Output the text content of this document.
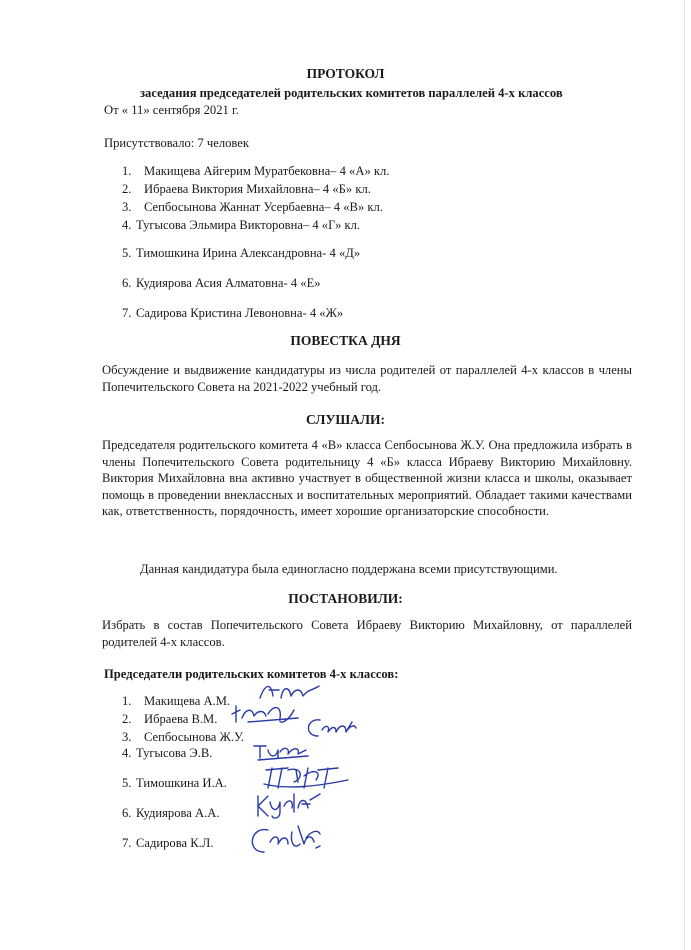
ПРОТОКОЛ
заседания председателей родительских комитетов параллелей 4-х классов
От « 11» сентября 2021 г.
Присутствовало: 7 человек
1. Макищева Айгерим Муратбековна– 4 «А» кл.
2. Ибраева Виктория Михайловна– 4 «Б» кл.
3. Сепбосынова Жаннат Усербаевна– 4 «В» кл.
4. Тугысова Эльмира Викторовна– 4 «Г» кл.
5. Тимошкина Ирина Александровна- 4 «Д»
6. Кудиярова Асия Алматовна- 4 «Е»
7. Садирова Кристина Левоновна- 4 «Ж»
ПОВЕСТКА ДНЯ
Обсуждение и выдвижение кандидатуры из числа родителей от параллелей 4-х классов в члены Попечительского Совета на 2021-2022 учебный год.
СЛУШАЛИ:
Председателя родительского комитета 4 «В» класса Сепбосынова Ж.У. Она предложила избрать в члены Попечительского Совета родительницу 4 «Б» класса Ибраеву Викторию Михайловну. Виктория Михайловна вна активно участвует в общественной жизни класса и школы, оказывает помощь в проведении внеклассных и воспитательных мероприятий. Обладает такими качествами как, ответственность, порядочность, имеет хорошие организаторские способности.
Данная кандидатура была единогласно поддержана всеми присутствующими.
ПОСТАНОВИЛИ:
Избрать в состав Попечительского Совета Ибраеву Викторию Михайловну, от параллелей родителей 4-х классов.
Председатели родительских комитетов 4-х классов:
1. Макищева А.М.
2. Ибраева В.М.
3. Сепбосынова Ж.У.
4. Тугысова Э.В.
5. Тимошкина И.А.
6. Кудиярова А.А.
7. Садирова К.Л.
